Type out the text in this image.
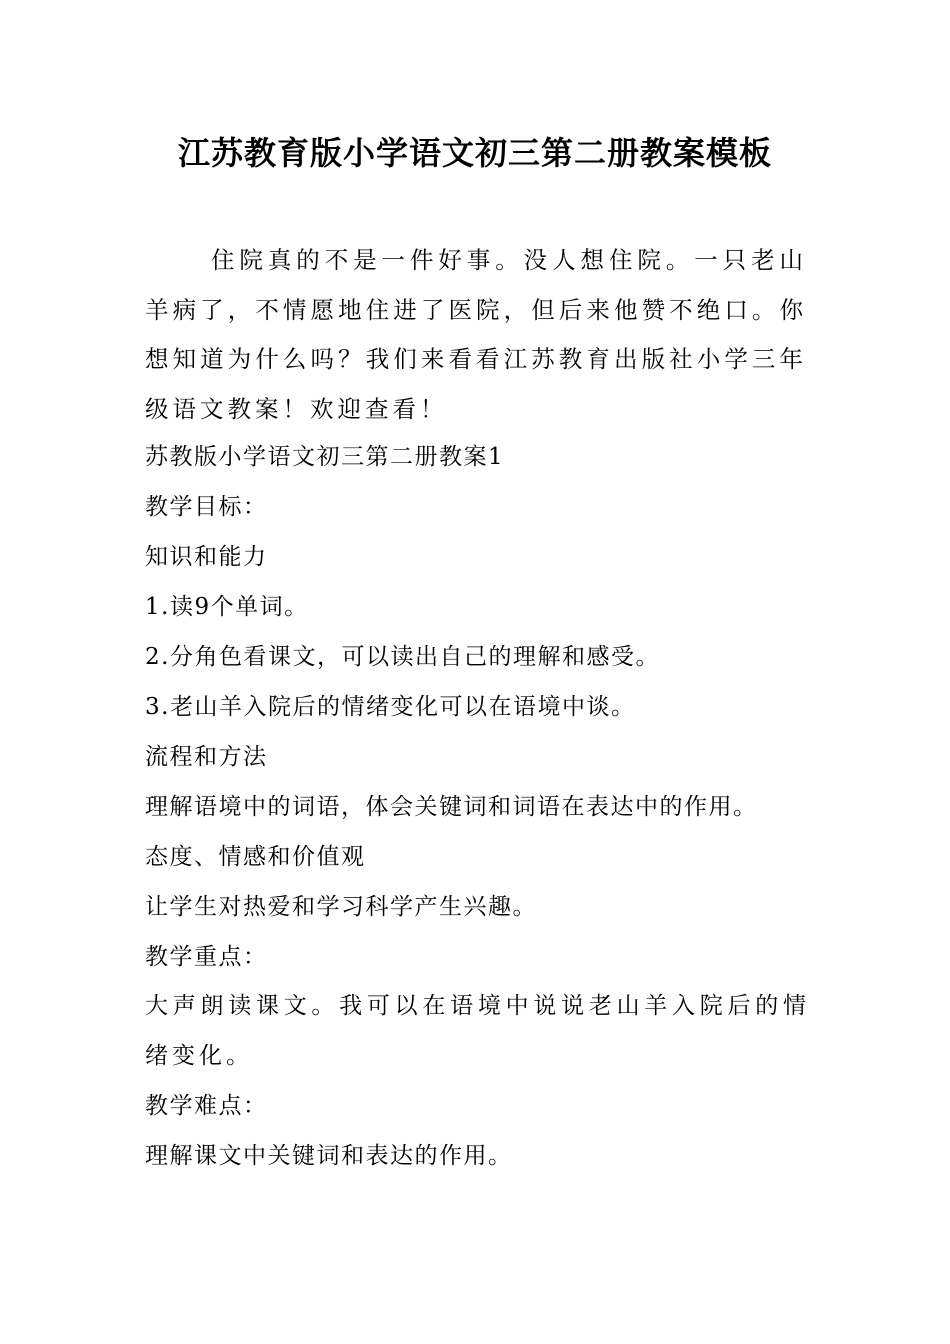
江苏教育版小学语文初三第二册教案模板

住院真的不是一件好事。没人想住院。一只老山羊病了，不情愿地住进了医院，但后来他赞不绝口。你想知道为什么吗？我们来看看江苏教育出版社小学三年级语文教案！欢迎查看！

苏教版小学语文初三第二册教案1

教学目标：

知识和能力

1.读9个单词。

2.分角色看课文，可以读出自己的理解和感受。

3.老山羊入院后的情绪变化可以在语境中谈。

流程和方法

理解语境中的词语，体会关键词和词语在表达中的作用。

态度、情感和价值观

让学生对热爱和学习科学产生兴趣。

教学重点：

大声朗读课文。我可以在语境中说说老山羊入院后的情绪变化。

教学难点：

理解课文中关键词和表达的作用。
